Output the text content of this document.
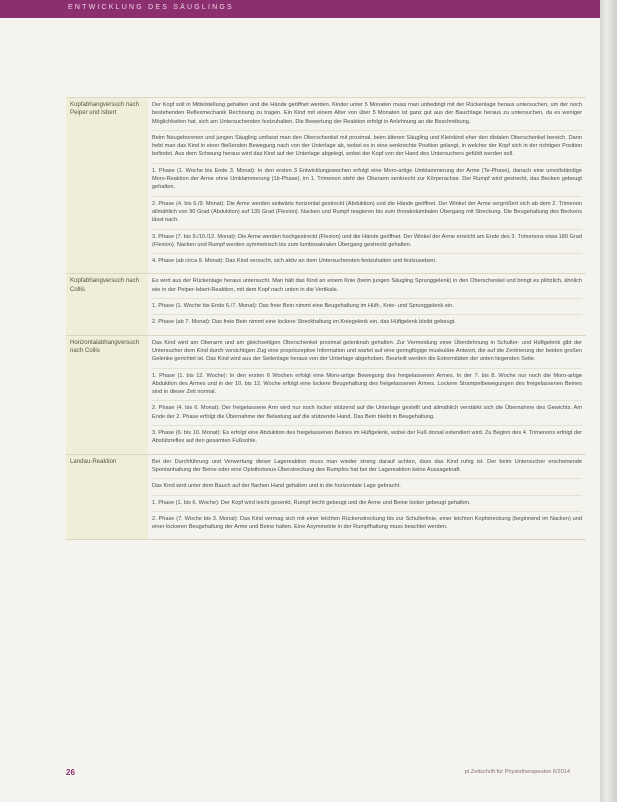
ENTWICKLUNG DES SÄUGLINGS
Kopfabhangversuch nach Peiper und Isbert

Der Kopf soll in Mittelstellung gehalten und die Hände geöffnet werden. Kinder unter 5 Monaten muss man unbedingt mit der Rückenlage heraus untersuchen, um der noch bestehenden Reflexmechanik Rechnung zu tragen. Ein Kind mit einem Alter von über 5 Monaten ist ganz gut aus der Bauchlage heraus zu untersuchen, da es weniger Möglichkeiten hat, sich am Untersuchenden festzuhalten. Die Bewertung der Reaktion erfolgt in Anlehnung an die Beschreibung.

Beim Neugeborenen und jungen Säugling umfasst man den Oberschenkel mit proximal, beim älteren Säugling und Kleinkind eher den distalen Oberschenkel bereich. Dann hebt man das Kind in einer fließenden Bewegung nach von der Unterlage ab, wobei es in eine senkrechte Position gelangt, in welcher der Kopf sich in der richtigen Position befindet. Aus dem Schwung heraus wird das Kind auf der Unterlage abgelegt, wobei der Kopf von der Hand des Untersuchers gefühlt werden soll.

1. Phase (1. Woche bis Ende 3. Monat): In den ersten 3 Entwicklungswochen erfolgt eine Moro-artige Umklammerung der Arme (Te-Phase), danach eine unvollständige Moro-Reaktion der Arme ohne Umklammerung (1b-Phase), im 1. Trimenon steht der Oberarm senkrecht zur Körperachse. Der Rumpf wird gestreckt, das Becken gebeugt gehalten.

2. Phase (4. bis 6./9. Monat): Die Arme werden seitwärts horizontal gestreckt (Abduktion) und die Hände geöffnet. Der Winkel der Arme vergrößert sich ab dem 2. Trimenon allmählich von 90 Grad (Abduktion) auf 135 Grad (Flexion). Nacken und Rumpf reagieren bis zum thorakolumbalen Übergang mit Streckung. Die Beugehaltung des Beckens lässt nach.

3. Phase (7. bis 9./10./12. Monat): Die Arme werden hochgestreckt (Flexion) und die Hände geöffnet. Der Winkel der Arme erreicht am Ende des 3. Trimenons etwa 180 Grad (Flexion). Nacken und Rumpf werden symmetrisch bis zum lumbosakralen Übergang gestreckt gehalten.

4. Phase (ab circa 9. Monat): Das Kind versucht, sich aktiv an dem Untersuchenden festzuhalten und festzusetzen.

Kopfabhangversuch nach Collis

Es wird aus der Rückenlage heraus untersucht. Man hält das Kind an einem Knie (beim jungen Säugling Sprunggelenk) in den Oberschenkel und bringt es plötzlich, ähnlich wie in der Peiper-Isbert-Reaktion, mit dem Kopf nach unten in die Vertikale.

1. Phase (1. Woche bis Ende 6./7. Monat): Das freie Bein nimmt eine Beugehaltung im Hüft-, Knie- und Sprunggelenk ein.

2. Phase (ab 7. Monat): Das freie Bein nimmt eine lockere Streckhaltung im Kniegelenk ein, das Hüftgelenk bleibt gebeugt.

Horizontalabhangversuch nach Collis

Das Kind wird am Oberarm und am gleichseitigen Oberschenkel proximal gelenknah gehalten. Zur Vermeidung einer Überdehnung in Schulter- und Hüftgelenk gibt der Untersucher dem Kind durch vorsichtigen Zug eine propriozeptive Information und wartet auf eine geringfügige muskuläre Antwort, die auf die Zentrierung der beiden großen Gelenke gerichtet ist. Das Kind wird aus der Seitenlage heraus von der Unterlage abgehoben. Beurteilt werden die Extremitäten der unten liegenden Seite.

1. Phase (1. bis 12. Woche): In den ersten 6 Wochen erfolgt eine Moro-artige Bewegung des freigelassenen Armes. In der 7. bis 8. Woche nur noch die Moro-artige Abduktion des Armes und in der 10. bis 12. Woche erfolgt eine lockere Beugehaltung des freigelassenen Armes. Lockere Strampelbewegungen des freigelassenen Beines sind in dieser Zeit normal.

2. Phase (4. bis 6. Monat): Der freigelassene Arm wird nur noch locker stützend auf die Unterlage gestellt und allmählich verstärkt sich die Übernahme des Gewichts. Am Ende der 2. Phase erfolgt die Übernahme der Belastung auf die stützende Hand. Das Bein bleibt in Beugehaltung.

3. Phase (6. bis 10. Monat): Es erfolgt eine Abduktion des freigelassenen Beines im Hüftgelenk, wobei der Fuß dorsal extendiert wird. Zu Beginn des 4. Trimenons erfolgt der Abstützreflex auf den gesamten Fußsohle.

Landau-Reaktion	Bei der Durchführung und Verwertung dieser Lagereaktion muss man wieder streng darauf achten, dass das Kind ruhig ist. Der beim Untersucher erscheinende Spontanhaltung der Beine oder eine Opisthotonus-Überstreckung des Rumpfes hat bei der Lagereaktion keine Aussagekraft.

Das Kind wird unter dem Bauch auf der flachen Hand gehalten und in die horizontale Lage gebracht.

1. Phase (1. bis 6. Woche): Der Kopf wird leicht gesenkt, Rumpf leicht gebeugt und die Arme und Beine locker gebeugt gehalten.

2. Phase (7. Woche bis 3. Monat): Das Kind vermag sich mit einer leichten Rückenstreckung bis zur Schulterlinie, einer leichten Kopfstreckung (beginnend im Nacken) und einer lockeren Beugehaltung der Arme und Beine halten. Eine Asymmetrie in der Rumpfhaltung muss beachtet werden.

26	pt Zeitschrift für Physiotherapeuten 6/2014
